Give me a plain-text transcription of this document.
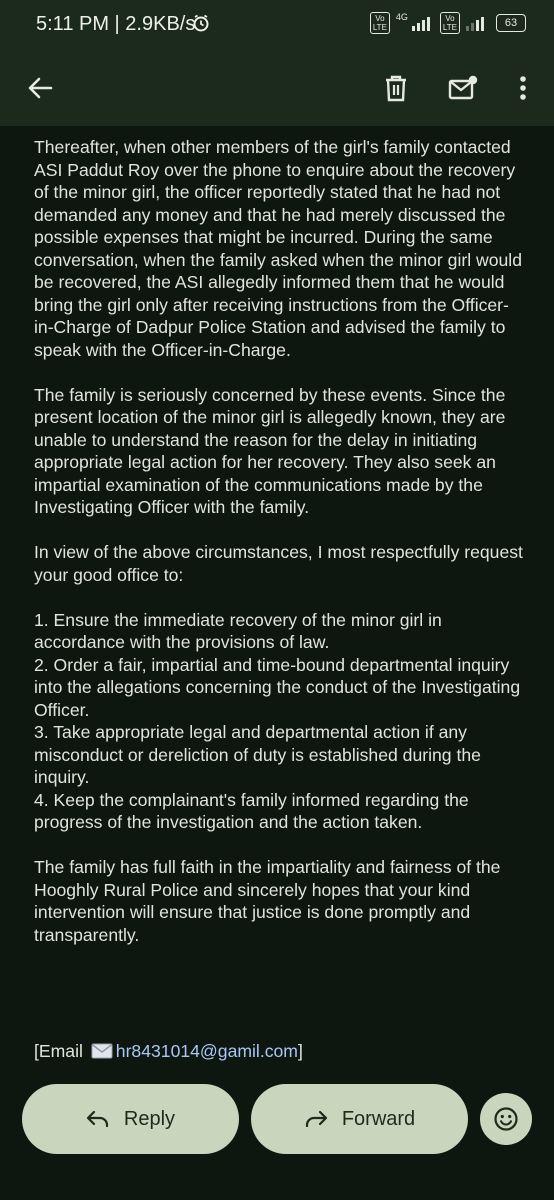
5:11 PM | 2.9KB/s	Vo
LTE
4G	Vo
LTE	63

Thereafter, when other members of the girl's family contacted ASI Paddut Roy over the phone to enquire about the recovery of the minor girl, the officer reportedly stated that he had not demanded any money and that he had merely discussed the possible expenses that might be incurred. During the same conversation, when the family asked when the minor girl would be recovered, the ASI allegedly informed them that he would bring the girl only after receiving instructions from the Officer-in-Charge of Dadpur Police Station and advised the family to speak with the Officer-in-Charge.

The family is seriously concerned by these events. Since the present location of the minor girl is allegedly known, they are unable to understand the reason for the delay in initiating appropriate legal action for her recovery. They also seek an impartial examination of the communications made by the Investigating Officer with the family.

In view of the above circumstances, I most respectfully request your good office to:

1. Ensure the immediate recovery of the minor girl in accordance with the provisions of law.
2. Order a fair, impartial and time-bound departmental inquiry into the allegations concerning the conduct of the Investigating Officer.
3. Take appropriate legal and departmental action if any misconduct or dereliction of duty is established during the inquiry.
4. Keep the complainant's family informed regarding the progress of the investigation and the action taken.

The family has full faith in the impartiality and fairness of the Hooghly Rural Police and sincerely hopes that your kind intervention will ensure that justice is done promptly and transparently.

[Email hr8431014@gamil.com]
Reply	Forward
